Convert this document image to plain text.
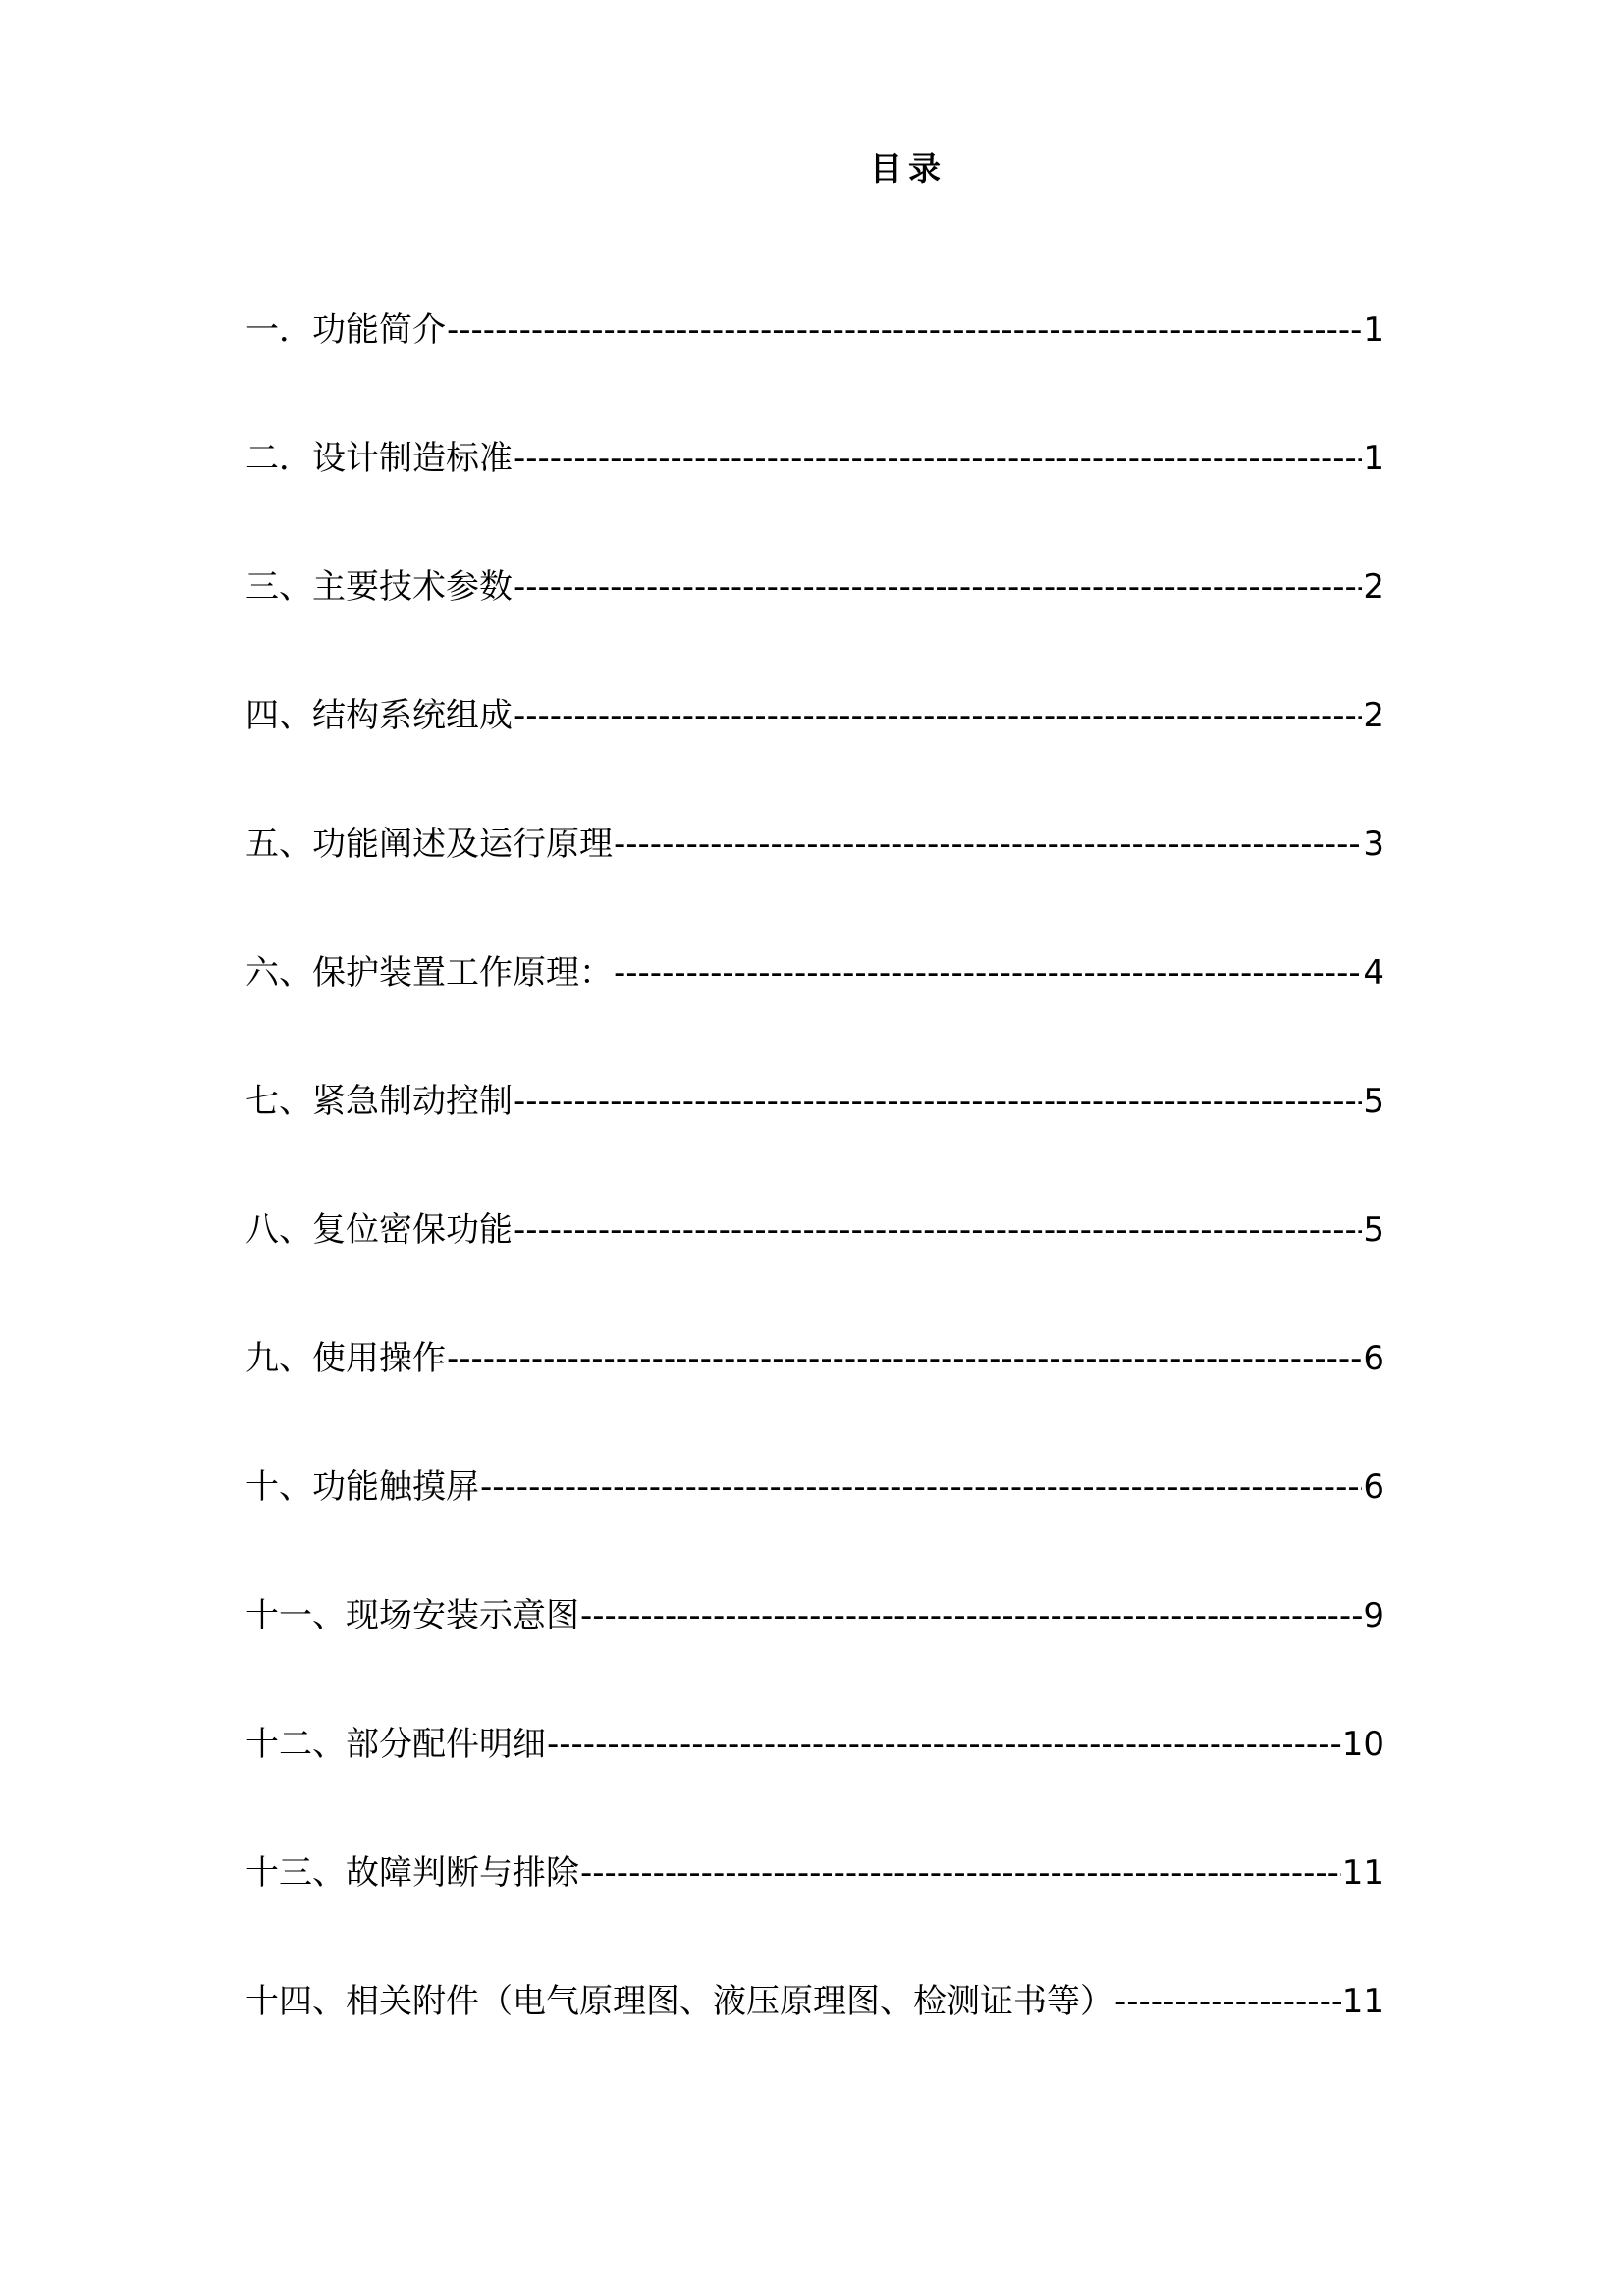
目录
一．功能简介 -----	1
二．设计制造标准 -----	1
三、主要技术参数 -----	2
四、结构系统组成 -----	2
五、功能阐述及运行原理 -----	3
六、保护装置工作原理： -----	4
七、紧急制动控制 -----	5
八、复位密保功能 -----	5
九、使用操作 -----	6
十、功能触摸屏 -----	6
十一、现场安装示意图 -----	9
十二、部分配件明细 -----	10
十三、故障判断与排除 -----	11
十四、相关附件（电气原理图、液压原理图、检测证书等） -----	11
